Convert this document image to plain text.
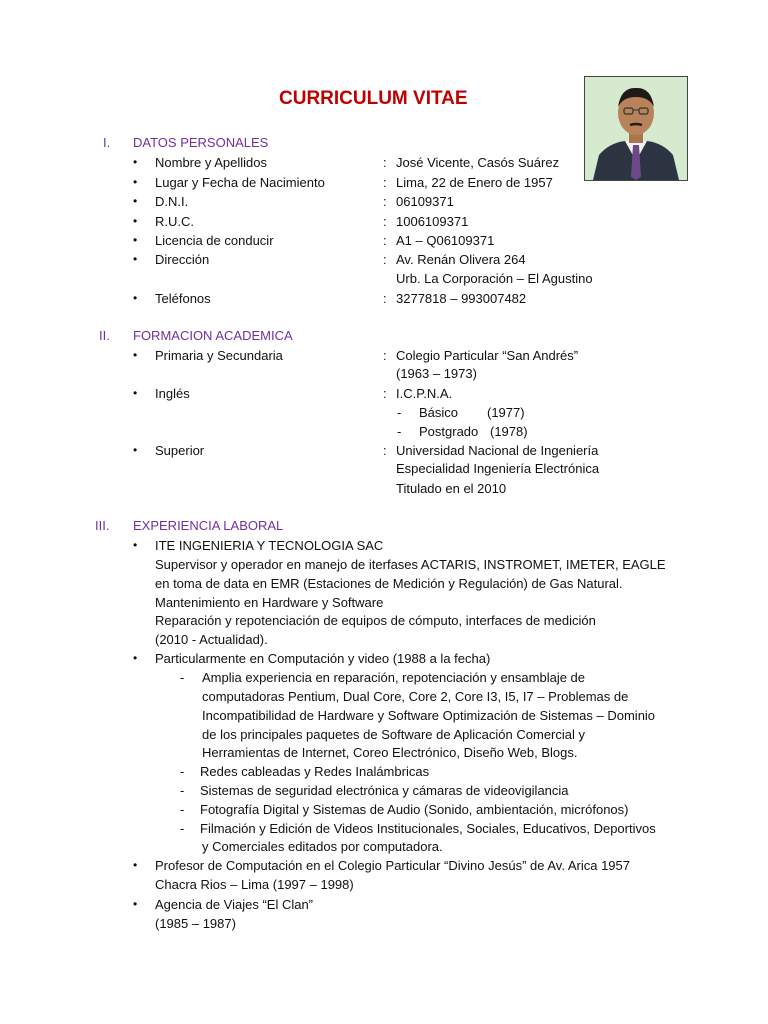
CURRICULUM VITAE
I. DATOS PERSONALES
• Nombre y Apellidos	: José Vicente, Casós Suárez
• Lugar y Fecha de Nacimiento	: Lima, 22 de Enero de 1957
• D.N.I.	: 06109371
• R.U.C.	: 1006109371
• Licencia de conducir	: A1 – Q06109371
• Dirección	: Av. Renán Olivera 264
Urb. La Corporación – El Agustino
• Teléfonos	: 3277818 – 993007482
II. FORMACION ACADEMICA
• Primaria y Secundaria	: Colegio Particular “San Andrés”
(1963 – 1973)
• Inglés	: I.C.P.N.A.
- Básico (1977)
- Postgrado (1978)
• Superior	: Universidad Nacional de Ingeniería
Especialidad Ingeniería Electrónica
Titulado en el 2010
III. EXPERIENCIA LABORAL
• ITE INGENIERIA Y TECNOLOGIA SAC
Supervisor y operador en manejo de iterfases ACTARIS, INSTROMET, IMETER, EAGLE
en toma de data en EMR (Estaciones de Medición y Regulación) de Gas Natural.
Mantenimiento en Hardware y Software
Reparación y repotenciación de equipos de cómputo, interfaces de medición
(2010 - Actualidad).
• Particularmente en Computación y video (1988 a la fecha)
- Amplia experiencia en reparación, repotenciación y ensamblaje de
computadoras Pentium, Dual Core, Core 2, Core I3, I5, I7 – Problemas de
Incompatibilidad de Hardware y Software Optimización de Sistemas – Dominio
de los principales paquetes de Software de Aplicación Comercial y
Herramientas de Internet, Coreo Electrónico, Diseño Web, Blogs.
- Redes cableadas y Redes Inalámbricas
- Sistemas de seguridad electrónica y cámaras de videovigilancia
- Fotografía Digital y Sistemas de Audio (Sonido, ambientación, micrófonos)
- Filmación y Edición de Videos Institucionales, Sociales, Educativos, Deportivos
y Comerciales editados por computadora.
• Profesor de Computación en el Colegio Particular “Divino Jesús” de Av. Arica 1957
Chacra Rios – Lima (1997 – 1998)
• Agencia de Viajes “El Clan”
(1985 – 1987)
